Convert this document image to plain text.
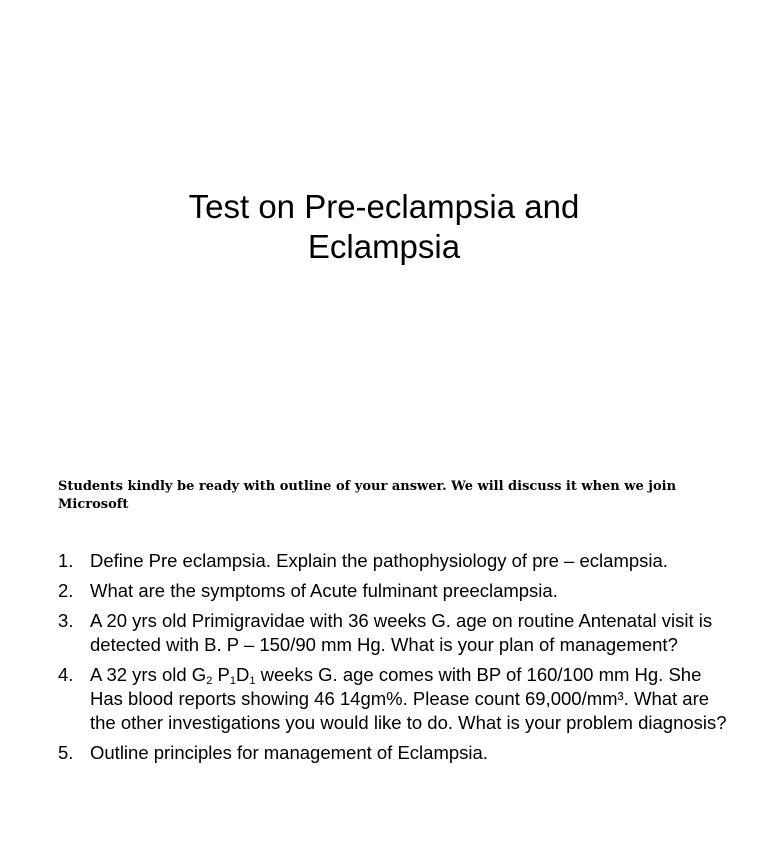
Test on Pre-eclampsia and
Eclampsia
Students kindly be ready with outline of your answer. We will discuss it when we join Microsoft
1. Define Pre eclampsia. Explain the pathophysiology of pre – eclampsia.
2. What are the symptoms of Acute fulminant preeclampsia.
3. A 20 yrs old Primigravidae with 36 weeks G. age on routine Antenatal visit is detected with B. P – 150/90 mm Hg. What is your plan of management?
4. A 32 yrs old $G_2$ $P_1D_1$ weeks G. age comes with BP of 160/100 mm Hg. She Has blood reports showing 46 14gm%. Please count 69,000/mm³. What are the other investigations you would like to do. What is your problem diagnosis?
5. Outline principles for management of Eclampsia.
